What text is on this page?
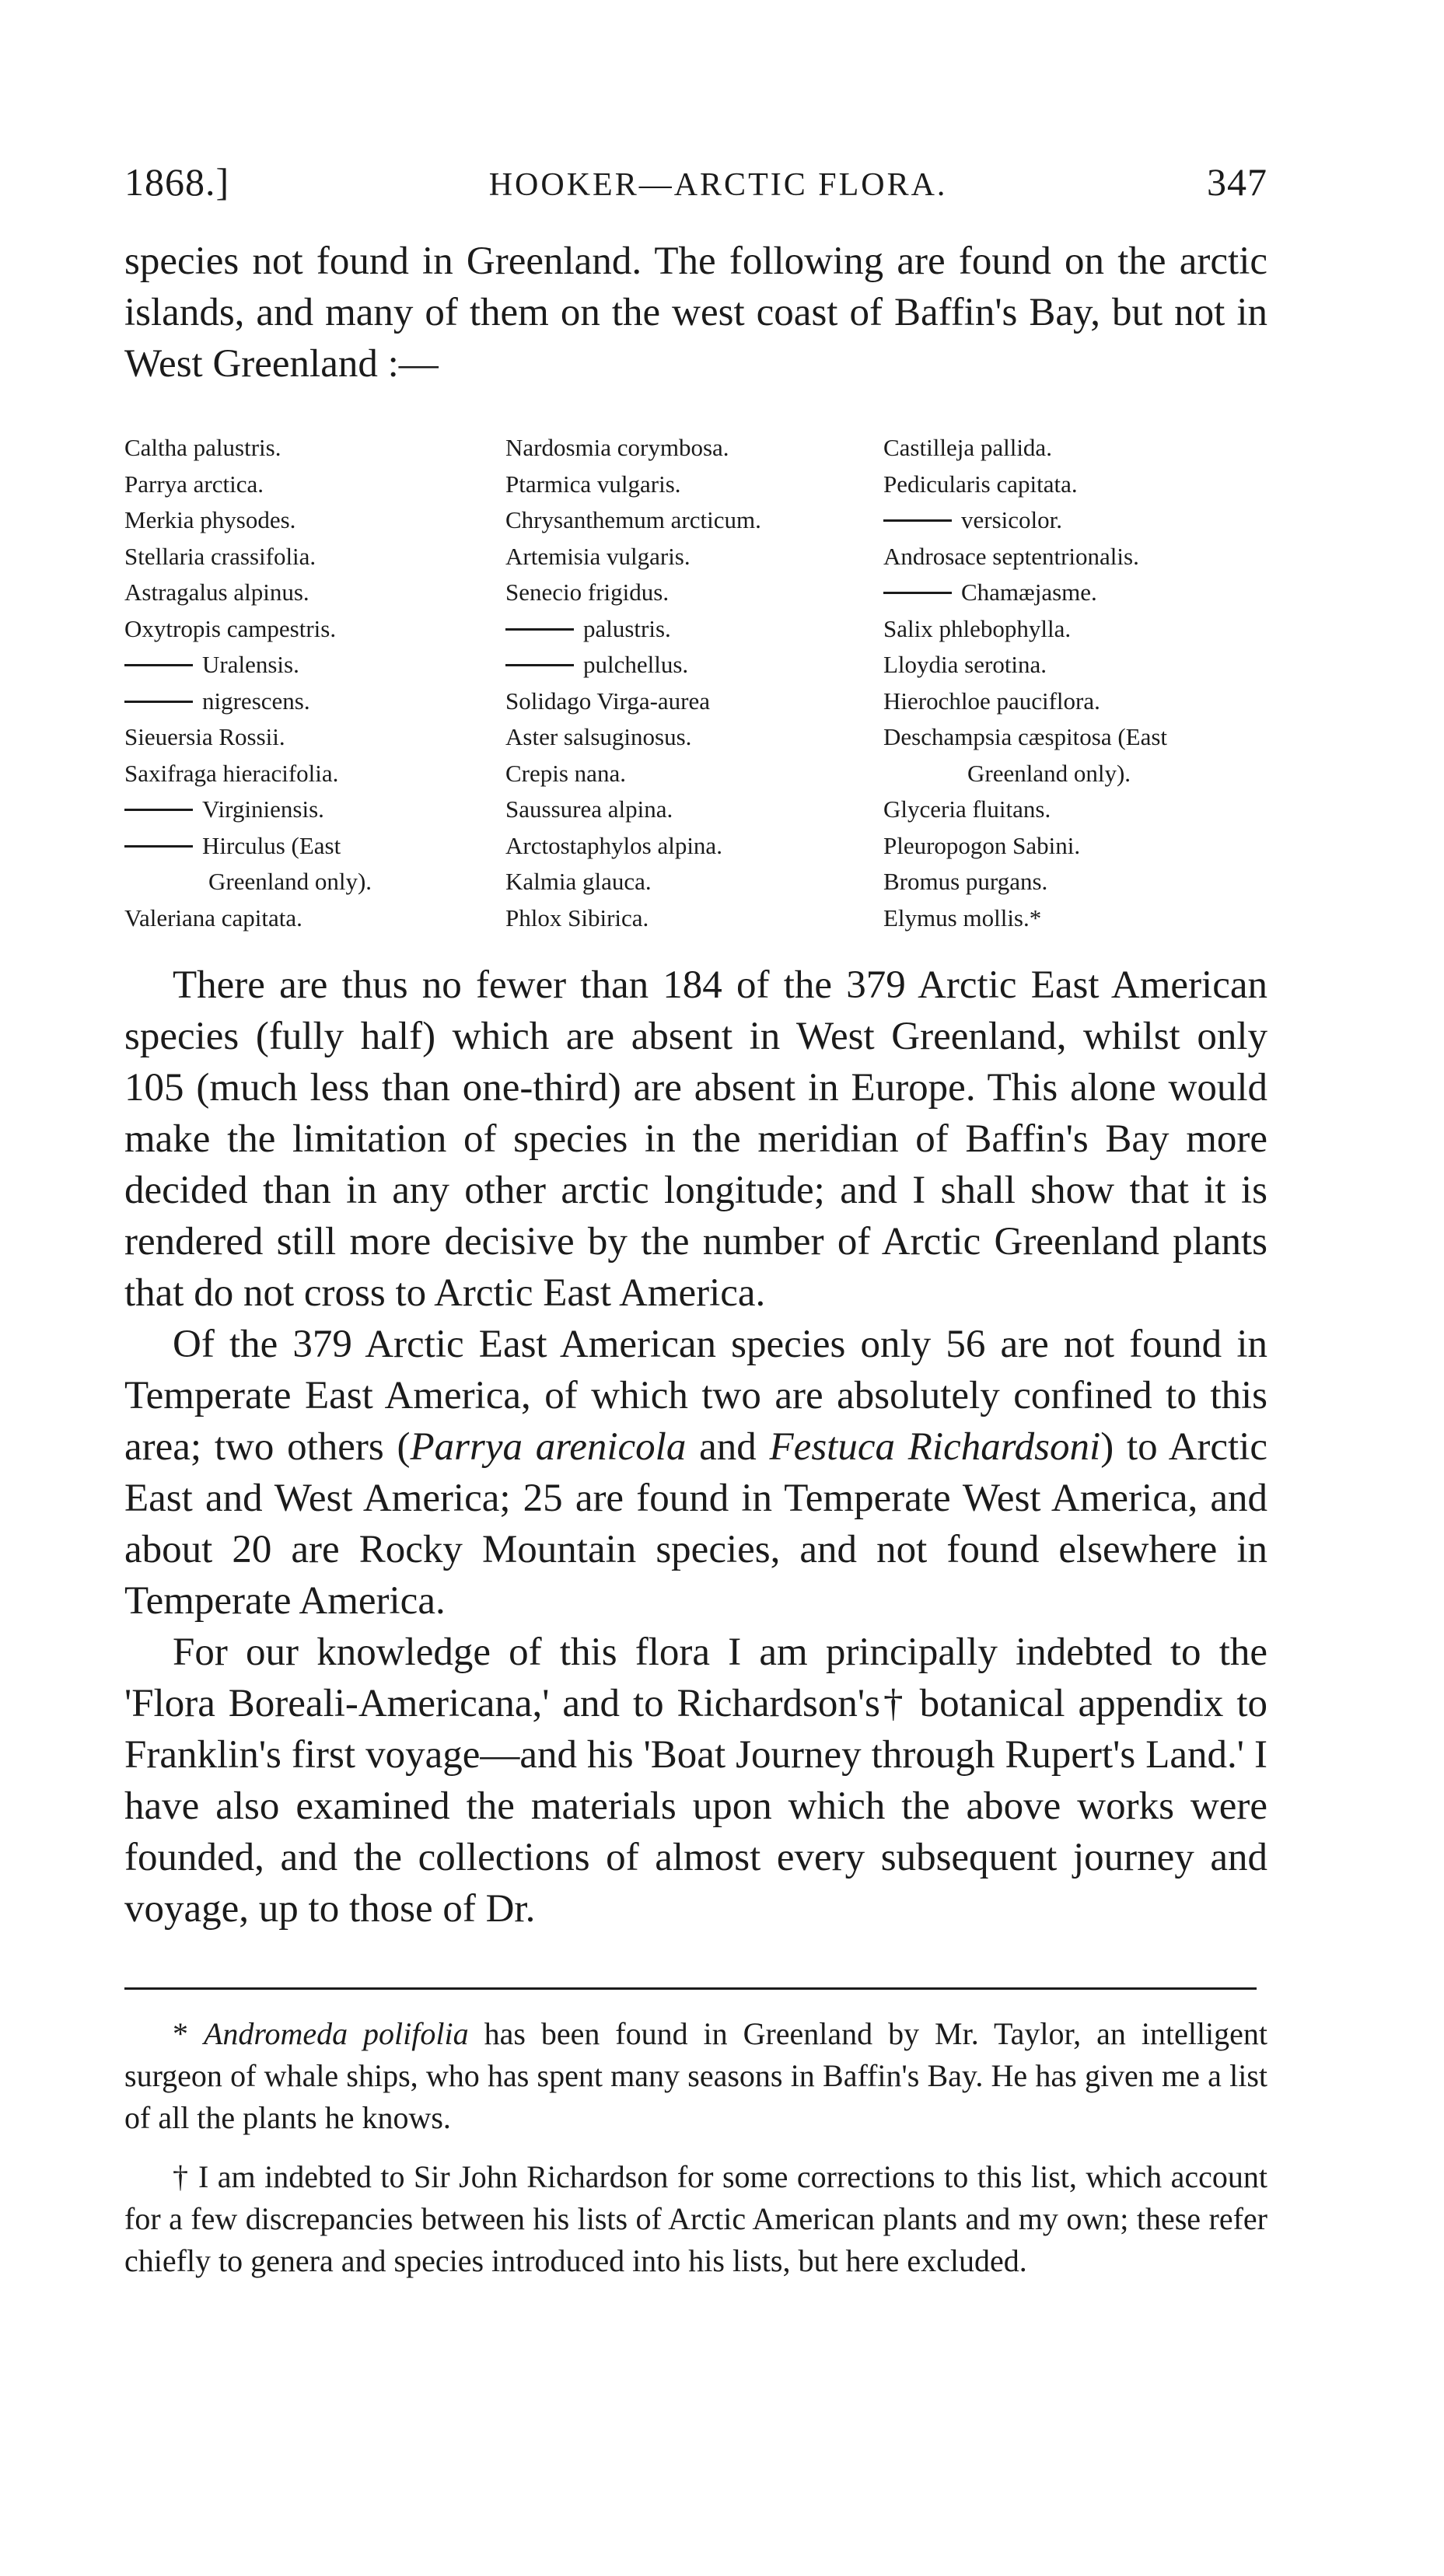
1868.]	HOOKER—ARCTIC FLORA.	347

species not found in Greenland. The following are found on the arctic islands, and many of them on the west coast of Baffin's Bay, but not in West Greenland :—

Caltha palustris.
Parrya arctica.
Merkia physodes.
Stellaria crassifolia.
Astragalus alpinus.
Oxytropis campestris.
Uralensis.
nigrescens.
Sieuersia Rossii.
Saxifraga hieracifolia.
Virginiensis.
Hirculus (East
Greenland only).
Valeriana capitata.
Nardosmia corymbosa.
Ptarmica vulgaris.
Chrysanthemum arcticum.
Artemisia vulgaris.
Senecio frigidus.
palustris.
pulchellus.
Solidago Virga-aurea
Aster salsuginosus.
Crepis nana.
Saussurea alpina.
Arctostaphylos alpina.
Kalmia glauca.
Phlox Sibirica.
Castilleja pallida.
Pedicularis capitata.
versicolor.
Androsace septentrionalis.
Chamæjasme.
Salix phlebophylla.
Lloydia serotina.
Hierochloe pauciflora.
Deschampsia cæspitosa (East
Greenland only).
Glyceria fluitans.
Pleuropogon Sabini.
Bromus purgans.
Elymus mollis.*

There are thus no fewer than 184 of the 379 Arctic East American species (fully half) which are absent in West Greenland, whilst only 105 (much less than one-third) are absent in Europe. This alone would make the limitation of species in the meridian of Baffin's Bay more decided than in any other arctic longitude; and I shall show that it is rendered still more decisive by the number of Arctic Greenland plants that do not cross to Arctic East America.

Of the 379 Arctic East American species only 56 are not found in Temperate East America, of which two are absolutely confined to this area; two others (Parrya arenicola and Festuca Richardsoni) to Arctic East and West America; 25 are found in Temperate West America, and about 20 are Rocky Mountain species, and not found elsewhere in Temperate America.

For our knowledge of this flora I am principally indebted to the 'Flora Boreali-Americana,' and to Richardson's† botanical appendix to Franklin's first voyage—and his 'Boat Journey through Rupert's Land.' I have also examined the materials upon which the above works were founded, and the collections of almost every subsequent journey and voyage, up to those of Dr.

* Andromeda polifolia has been found in Greenland by Mr. Taylor, an intelligent surgeon of whale ships, who has spent many seasons in Baffin's Bay. He has given me a list of all the plants he knows.

† I am indebted to Sir John Richardson for some corrections to this list, which account for a few discrepancies between his lists of Arctic American plants and my own; these refer chiefly to genera and species introduced into his lists, but here excluded.
